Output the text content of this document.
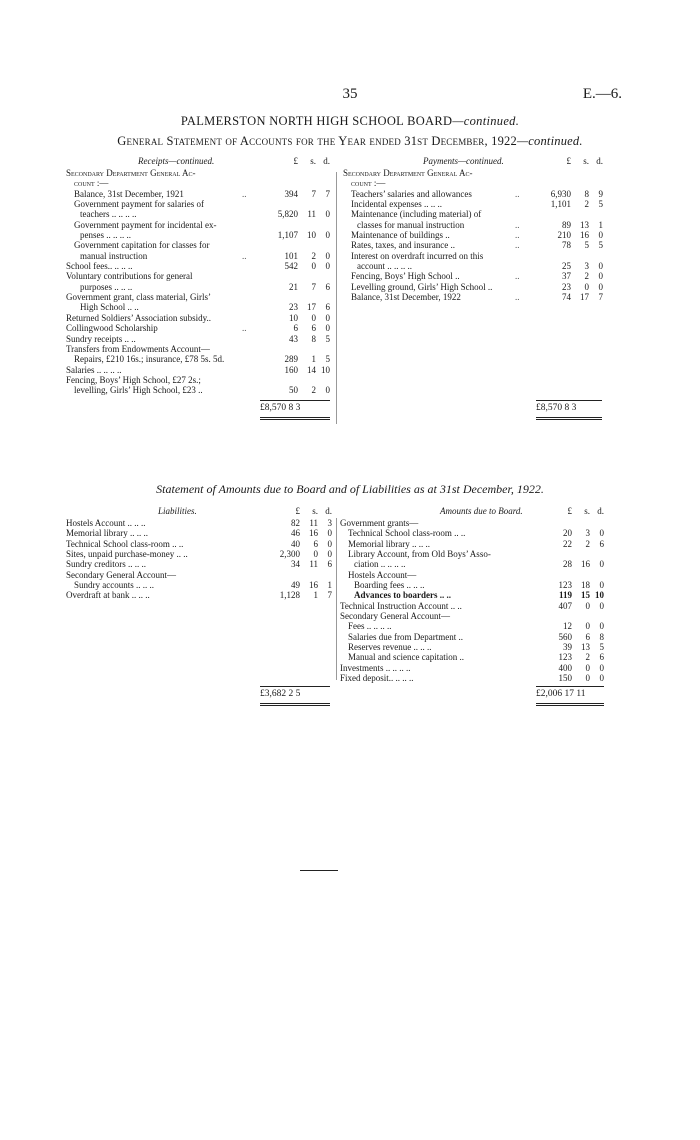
35	E.—6.
PALMERSTON NORTH HIGH SCHOOL BOARD—continued.
General Statement of Accounts for the Year ended 31st December, 1922—continued.
Receipts—continued.	£	s. d.
Secondary Department General Ac-
count :—
Balance, 31st December, 1921	..	394	7	7
Government payment for salaries of
teachers .. .. .. ..	5,820	11	0
Government payment for incidental ex-
penses .. .. .. ..	1,107	10	0
Government capitation for classes for
manual instruction	..	101	2	0
School fees.. .. .. ..	542	0	0
Voluntary contributions for general
purposes .. .. ..	21	7	6
Government grant, class material, Girls’
High School .. ..	23	17	6
Returned Soldiers’ Association subsidy..	10	0	0
Collingwood Scholarship	..	6	6	0
Sundry receipts .. ..	43	8	5
Transfers from Endowments Account—
Repairs, £210 16s.; insurance, £78 5s. 5d.	289	1	5
Salaries .. .. .. ..	160	14 10
Fencing, Boys’ High School, £27 2s.;
levelling, Girls’ High School, £23 ..	50	2	0
Payments—continued.	£	s. d.
Secondary Department General Ac-
count :—
Teachers’ salaries and allowances	..	6,930	8	9
Incidental expenses .. .. ..	1,101	2	5
Maintenance (including material) of
classes for manual instruction	..	89	13	1
Maintenance of buildings ..	..	210	16	0
Rates, taxes, and insurance ..	..	78	5	5
Interest on overdraft incurred on this
account .. .. .. ..	25	3	0
Fencing, Boys’ High School ..	..	37	2	0
Levelling ground, Girls’ High School ..	23	0	0
Balance, 31st December, 1922	..	74	17	7
£8,570 8 3	£8,570 8 3
Statement of Amounts due to Board and of Liabilities as at 31st December, 1922.
Liabilities.	£	s. d.
Hostels Account .. .. ..	82	11	3
Memorial library .. .. ..	46	16	0
Technical School class-room .. ..	40	6	0
Sites, unpaid purchase-money .. ..	2,300	0	0
Sundry creditors .. .. ..	34	11	6
Secondary General Account—
Sundry accounts .. .. ..	49	16	1
Overdraft at bank .. .. ..	1,128	1	7
Amounts due to Board.	£	s. d.
Government grants—
Technical School class-room .. ..	20	3	0
Memorial library .. .. ..	22	2	6
Library Account, from Old Boys’ Asso-
ciation .. .. .. ..	28	16	0
Hostels Account—
Boarding fees .. .. ..	123	18	0
Advances to boarders .. ..	119	15 10
Technical Instruction Account .. ..	407	0	0
Secondary General Account—
Fees .. .. .. ..	12	0	0
Salaries due from Department ..	560	6	8
Reserves revenue .. .. ..	39	13	5
Manual and science capitation ..	123	2	6
Investments .. .. .. ..	400	0	0
Fixed deposit.. .. .. ..	150	0	0
£3,682 2 5	£2,006 17 11
